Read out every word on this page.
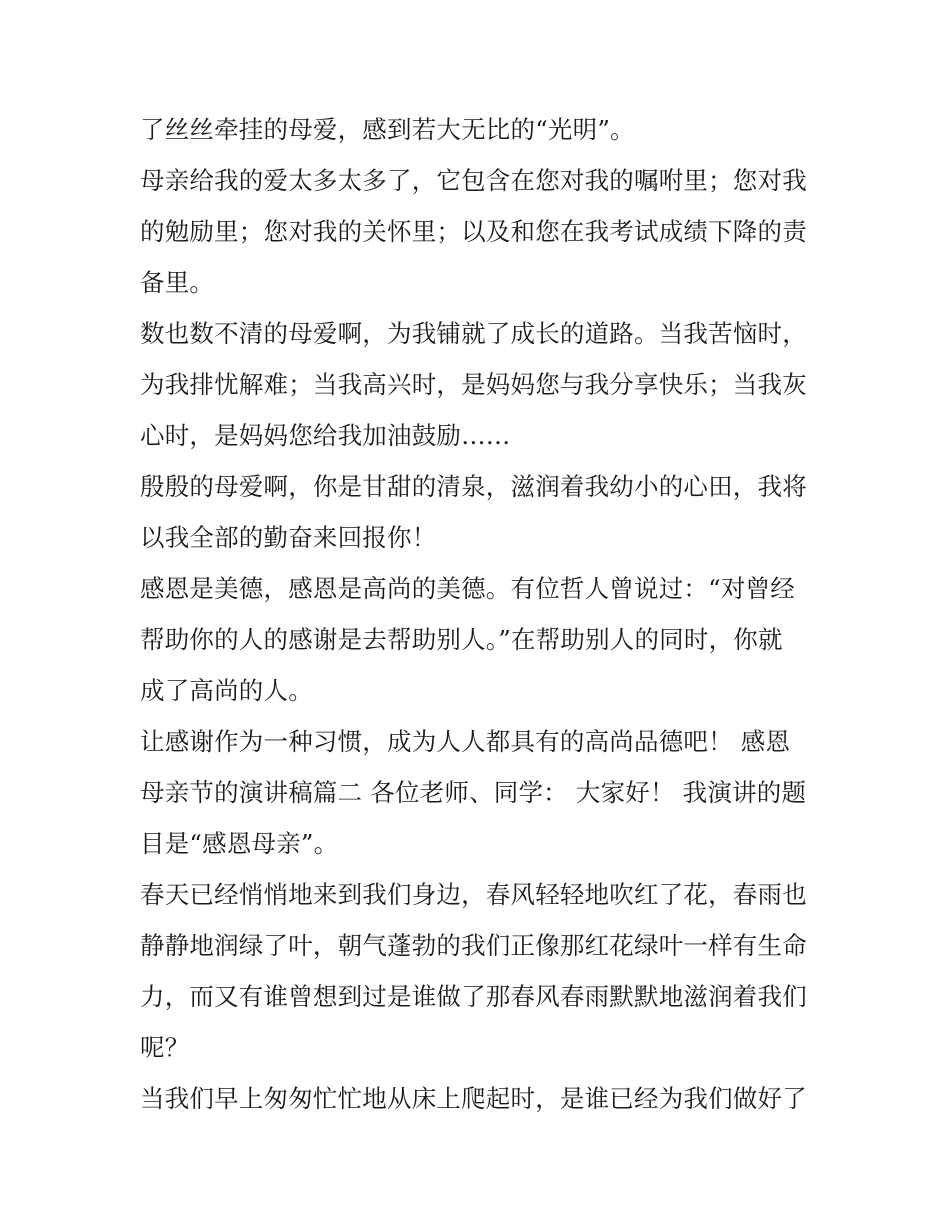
了丝丝牵挂的母爱，感到若大无比的“光明”。
母亲给我的爱太多太多了，它包含在您对我的嘱咐里；您对我
的勉励里；您对我的关怀里；以及和您在我考试成绩下降的责
备里。
数也数不清的母爱啊，为我铺就了成长的道路。当我苦恼时，
为我排忧解难；当我高兴时，是妈妈您与我分享快乐；当我灰
心时，是妈妈您给我加油鼓励……
殷殷的母爱啊，你是甘甜的清泉，滋润着我幼小的心田，我将
以我全部的勤奋来回报你！
感恩是美德，感恩是高尚的美德。有位哲人曾说过：“对曾经
帮助你的人的感谢是去帮助别人。”在帮助别人的同时，你就
成了高尚的人。
让感谢作为一种习惯，成为人人都具有的高尚品德吧！ 感恩
母亲节的演讲稿篇二 各位老师、同学： 大家好！ 我演讲的题
目是“感恩母亲”。
春天已经悄悄地来到我们身边，春风轻轻地吹红了花，春雨也
静静地润绿了叶，朝气蓬勃的我们正像那红花绿叶一样有生命
力，而又有谁曾想到过是谁做了那春风春雨默默地滋润着我们
呢？
当我们早上匆匆忙忙地从床上爬起时，是谁已经为我们做好了
